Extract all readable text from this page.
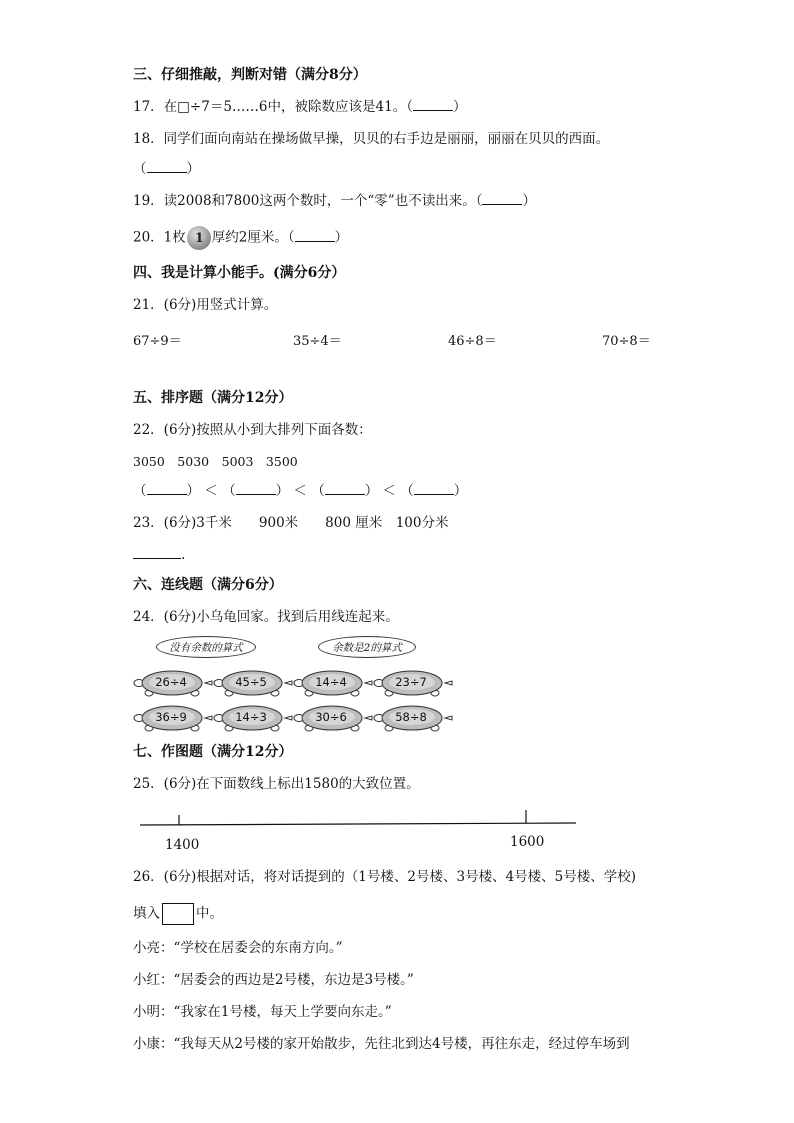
三、仔细推敲，判断对错（满分8分）
17．在□÷7＝5……6中，被除数应该是41。（	）
18．同学们面向南站在操场做早操，贝贝的右手边是丽丽，丽丽在贝贝的西面。
（	）
19．读2008和7800这两个数时，一个“零”也不读出来。（	）
20．1枚 1 厚约2厘米。（	）
四、我是计算小能手。(满分6分）
21．(6分)用竖式计算。
67÷9＝	35÷4＝	46÷8＝	70÷8＝
五、排序题（满分12分）
22．(6分)按照从小到大排列下面各数：
3050　5030　5003　3500
（	） ＜ （	） ＜ （	） ＜ （	）
23．(6分)3千米　　900米　　800 厘米　100分米
.
六、连线题（满分6分）
24．(6分)小乌龟回家。找到后用线连起来。
没有余数的算式	余数是2的算式
26÷4	45÷5	14÷4	23÷7
36÷9	14÷3	30÷6	58÷8
七、作图题（满分12分）
25．(6分)在下面数线上标出1580的大致位置。
1400	1600
26．(6分)根据对话，将对话提到的（1号楼、2号楼、3号楼、4号楼、5号楼、学校)
填入	中。
小亮：“学校在居委会的东南方向。”
小红：“居委会的西边是2号楼，东边是3号楼。”
小明：“我家在1号楼，每天上学要向东走。”
小康：“我每天从2号楼的家开始散步，先往北到达4号楼，再往东走，经过停车场到
